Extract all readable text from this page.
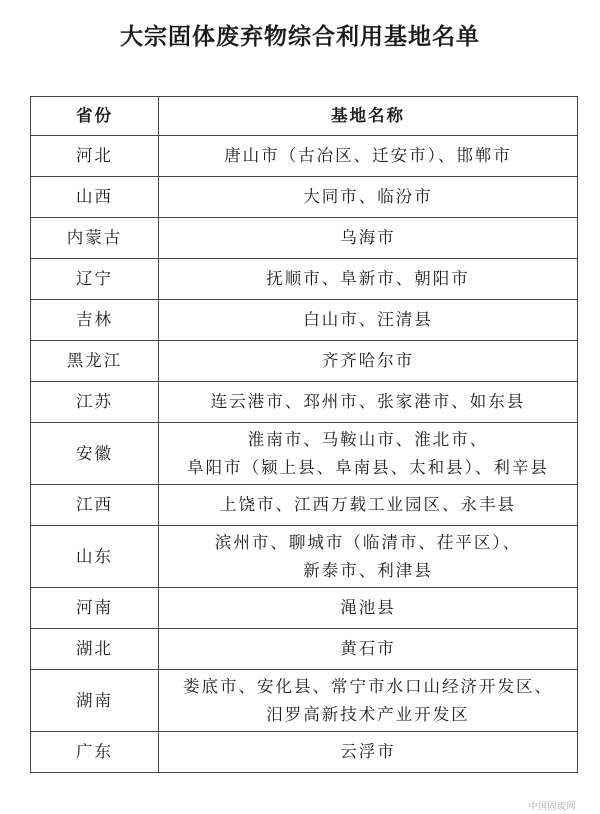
大宗固体废弃物综合利用基地名单
省份	基地名称
河北	唐山市（古冶区、迁安市）、邯郸市

山西	大同市、临汾市

内蒙古	乌海市

辽宁	抚顺市、阜新市、朝阳市

吉林	白山市、汪清县

黑龙江	齐齐哈尔市

江苏	连云港市、邳州市、张家港市、如东县

安徽	淮南市、马鞍山市、淮北市、
阜阳市（颍上县、阜南县、太和县）、利辛县

江西	上饶市、江西万载工业园区、永丰县

山东	滨州市、聊城市（临清市、茌平区）、
新泰市、利津县

河南	渑池县

湖北	黄石市

湖南	娄底市、安化县、常宁市水口山经济开发区、
汨罗高新技术产业开发区

广东	云浮市
中国固废网
